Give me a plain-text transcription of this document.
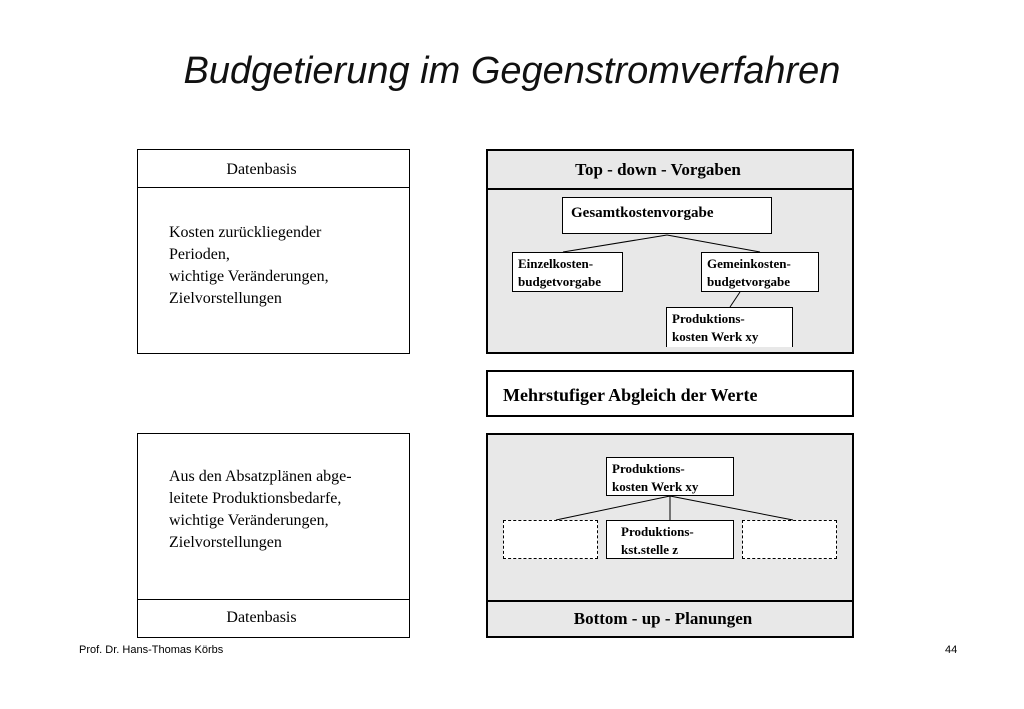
Budgetierung im Gegenstromverfahren
Datenbasis
Kosten zurückliegender
Perioden,
wichtige Veränderungen,
Zielvorstellungen
Top - down - Vorgaben
Gesamtkostenvorgabe
Einzelkosten-
budgetvorgabe
Gemeinkosten-
budgetvorgabe
Produktions-
kosten Werk xy
Mehrstufiger Abgleich der Werte
Aus den Absatzplänen abge-
leitete Produktionsbedarfe,
wichtige Veränderungen,
Zielvorstellungen
Datenbasis	Bottom - up - Planungen
Produktions-
kosten Werk xy
Produktions-
kst.stelle z
Prof. Dr. Hans-Thomas Körbs	44
